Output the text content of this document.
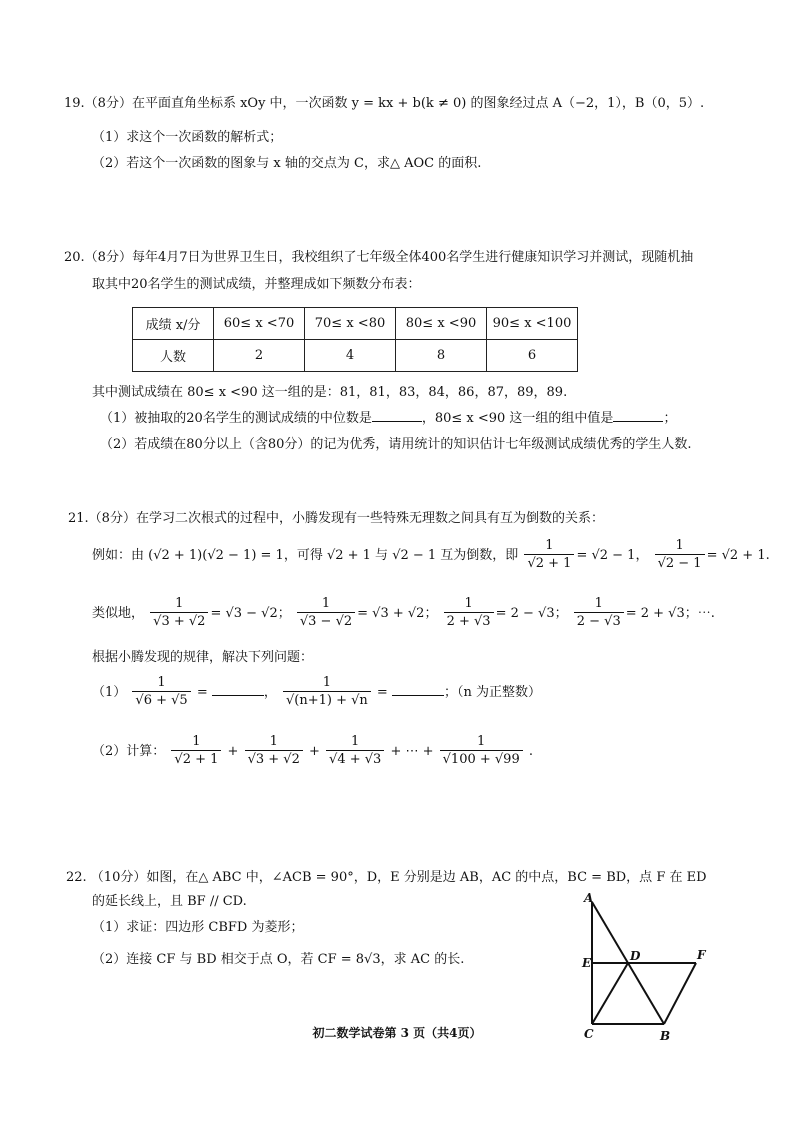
19.（8分）在平面直角坐标系 xOy 中，一次函数 y = kx + b(k ≠ 0) 的图象经过点 A（−2，1），B（0，5）.
（1）求这个一次函数的解析式；
（2）若这个一次函数的图象与 x 轴的交点为 C，求△ AOC 的面积.
20.（8分）每年4月7日为世界卫生日，我校组织了七年级全体400名学生进行健康知识学习并测试，现随机抽
取其中20名学生的测试成绩，并整理成如下频数分布表：
成绩 x/分	60≤ x <70	70≤ x <80	80≤ x <90	90≤ x <100
人数	2	4	8	6
其中测试成绩在 80≤ x <90 这一组的是：81，81，83，84，86，87，89，89.
（1）被抽取的20名学生的测试成绩的中位数是	，80≤ x <90 这一组的组中值是	；
（2）若成绩在80分以上（含80分）的记为优秀，请用统计的知识估计七年级测试成绩优秀的学生人数.
21.（8分）在学习二次根式的过程中，小腾发现有一些特殊无理数之间具有互为倒数的关系：
例如：由 (√2 + 1)(√2 − 1) = 1，可得 √2 + 1 与 √2 − 1 互为倒数，即 $\frac{1}{√2 + 1} = √2 - 1$， $\frac{1}{√2 - 1} = √2 + 1$.
类似地， $\frac{1}{√3 + √2} = √3 - √2$； $\frac{1}{√3 - √2} = √3 + √2$； $\frac{1}{2 + √3} = 2 - √3$； $\frac{1}{2 - √3} = 2 + √3$；⋯.
根据小腾发现的规律，解决下列问题：
$(1) \frac{1}{√6 + √5}$ =	， $\frac{1}{√(n+1) + √n}$ =	；（n 为正整数）
（2）计算： $\frac{1}{√2 + 1} + \frac{1}{√3 + √2} + \frac{1}{√4 + √3}$ + ⋯ + $\frac{1}{√100 + √99}$ .
22. （10分）如图，在△ ABC 中，∠ACB = 90°，D，E 分别是边 AB，AC 的中点，BC = BD，点 F 在 ED
的延长线上，且 BF // CD.
（1）求证：四边形 CBFD 为菱形；
（2）连接 CF 与 BD 相交于点 O，若 CF = 8√3，求 AC 的长.
A
D
E
F
C	B
初二数学试卷第 3 页（共4页）
